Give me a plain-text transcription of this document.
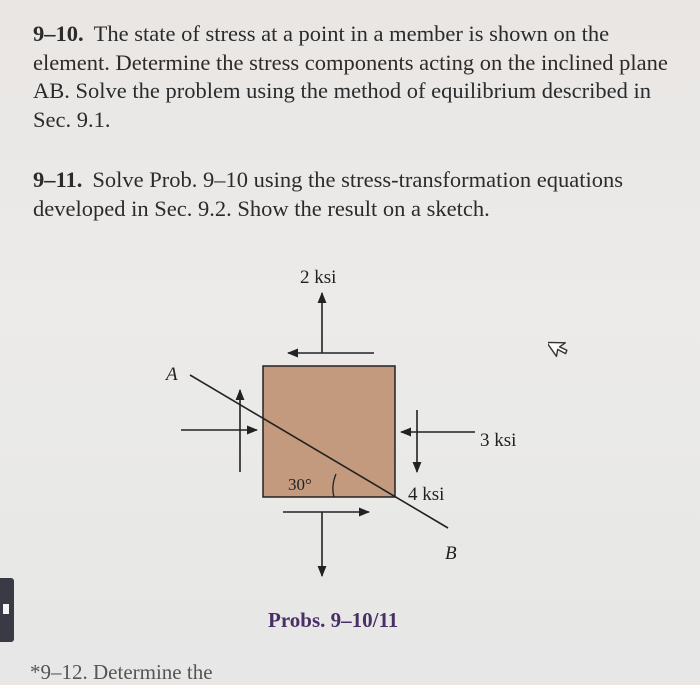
9–10. The state of stress at a point in a member is shown on the element. Determine the stress components acting on the inclined plane AB. Solve the problem using the method of equilibrium described in Sec. 9.1.
9–11. Solve Prob. 9–10 using the stress-transformation equations developed in Sec. 9.2. Show the result on a sketch.
2 ksi
3 ksi
4 ksi
30°
A
B
Probs. 9–10/11
*9–12. Determine the
